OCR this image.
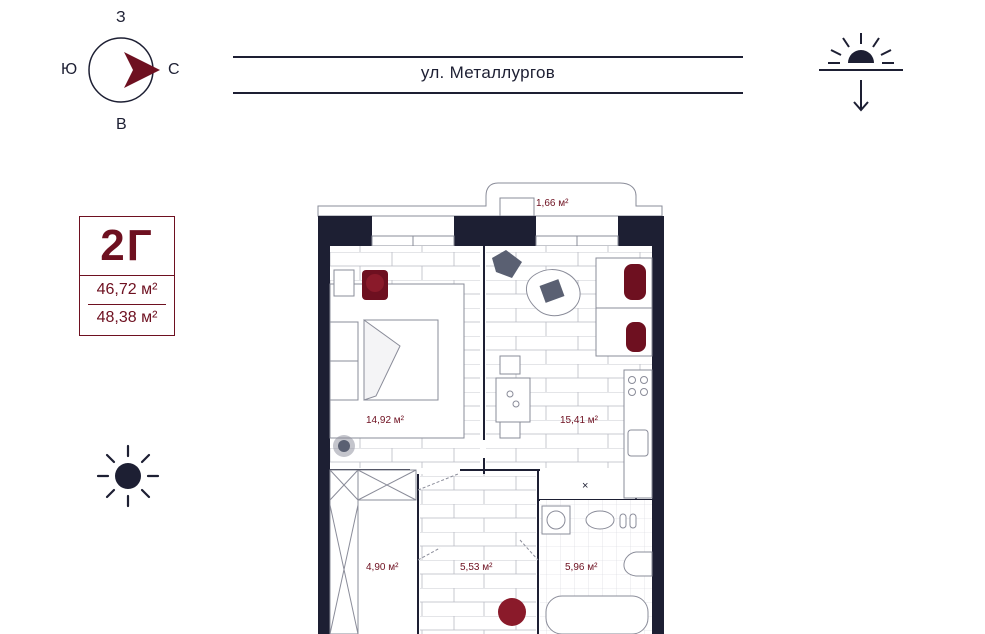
З
Ю	С
В
ул. Металлургов
2Г
46,72 м²
48,38 м²
×
1,66 м²
14,92 м²	15,41 м²
4,90 м²	5,53 м²	5,96 м²
